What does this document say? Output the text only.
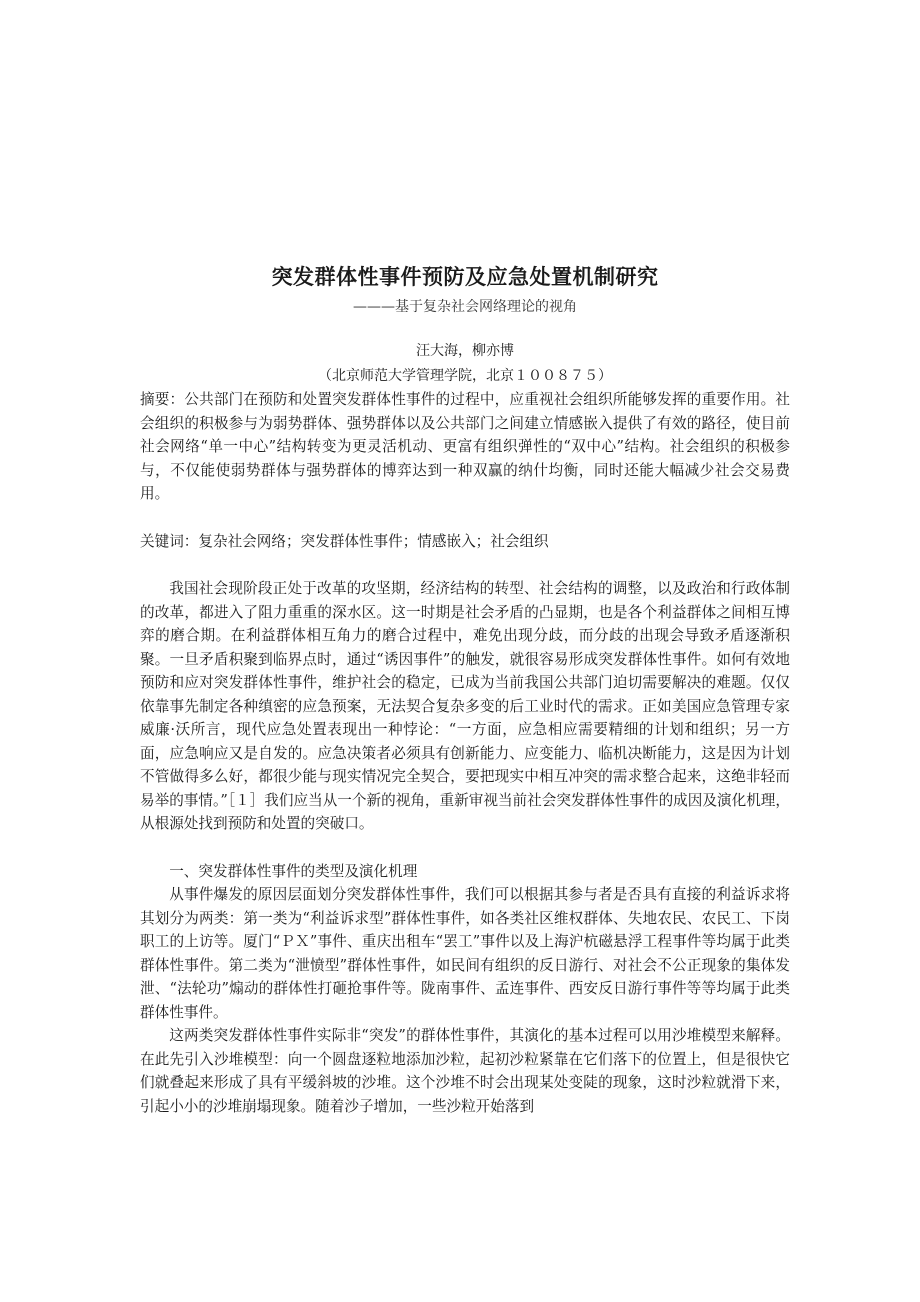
突发群体性事件预防及应急处置机制研究
———基于复杂社会网络理论的视角
汪大海，柳亦博
（北京师范大学管理学院，北京１００８７５）

摘要：公共部门在预防和处置突发群体性事件的过程中，应重视社会组织所能够发挥的重要作用。社会组织的积极参与为弱势群体、强势群体以及公共部门之间建立情感嵌入提供了有效的路径，使目前社会网络“单一中心”结构转变为更灵活机动、更富有组织弹性的“双中心”结构。社会组织的积极参与，不仅能使弱势群体与强势群体的博弈达到一种双赢的纳什均衡，同时还能大幅减少社会交易费用。

关键词：复杂社会网络；突发群体性事件；情感嵌入；社会组织

我国社会现阶段正处于改革的攻坚期，经济结构的转型、社会结构的调整，以及政治和行政体制的改革，都进入了阻力重重的深水区。这一时期是社会矛盾的凸显期，也是各个利益群体之间相互博弈的磨合期。在利益群体相互角力的磨合过程中，难免出现分歧，而分歧的出现会导致矛盾逐渐积聚。一旦矛盾积聚到临界点时，通过“诱因事件”的触发，就很容易形成突发群体性事件。如何有效地预防和应对突发群体性事件，维护社会的稳定，已成为当前我国公共部门迫切需要解决的难题。仅仅依靠事先制定各种缜密的应急预案，无法契合复杂多变的后工业时代的需求。正如美国应急管理专家威廉·沃所言，现代应急处置表现出一种悖论：“一方面，应急相应需要精细的计划和组织；另一方面，应急响应又是自发的。应急决策者必须具有创新能力、应变能力、临机决断能力，这是因为计划不管做得多么好，都很少能与现实情况完全契合，要把现实中相互冲突的需求整合起来，这绝非轻而易举的事情。”［１］我们应当从一个新的视角，重新审视当前社会突发群体性事件的成因及演化机理，从根源处找到预防和处置的突破口。

一、突发群体性事件的类型及演化机理

从事件爆发的原因层面划分突发群体性事件，我们可以根据其参与者是否具有直接的利益诉求将其划分为两类：第一类为“利益诉求型”群体性事件，如各类社区维权群体、失地农民、农民工、下岗职工的上访等。厦门“ＰＸ”事件、重庆出租车“罢工”事件以及上海沪杭磁悬浮工程事件等均属于此类群体性事件。第二类为“泄愤型”群体性事件，如民间有组织的反日游行、对社会不公正现象的集体发泄、“法轮功”煽动的群体性打砸抢事件等。陇南事件、孟连事件、西安反日游行事件等等均属于此类群体性事件。

这两类突发群体性事件实际非“突发”的群体性事件，其演化的基本过程可以用沙堆模型来解释。在此先引入沙堆模型：向一个圆盘逐粒地添加沙粒，起初沙粒紧靠在它们落下的位置上，但是很快它们就叠起来形成了具有平缓斜坡的沙堆。这个沙堆不时会出现某处变陡的现象，这时沙粒就滑下来，引起小小的沙堆崩塌现象。随着沙子增加，一些沙粒开始落到
